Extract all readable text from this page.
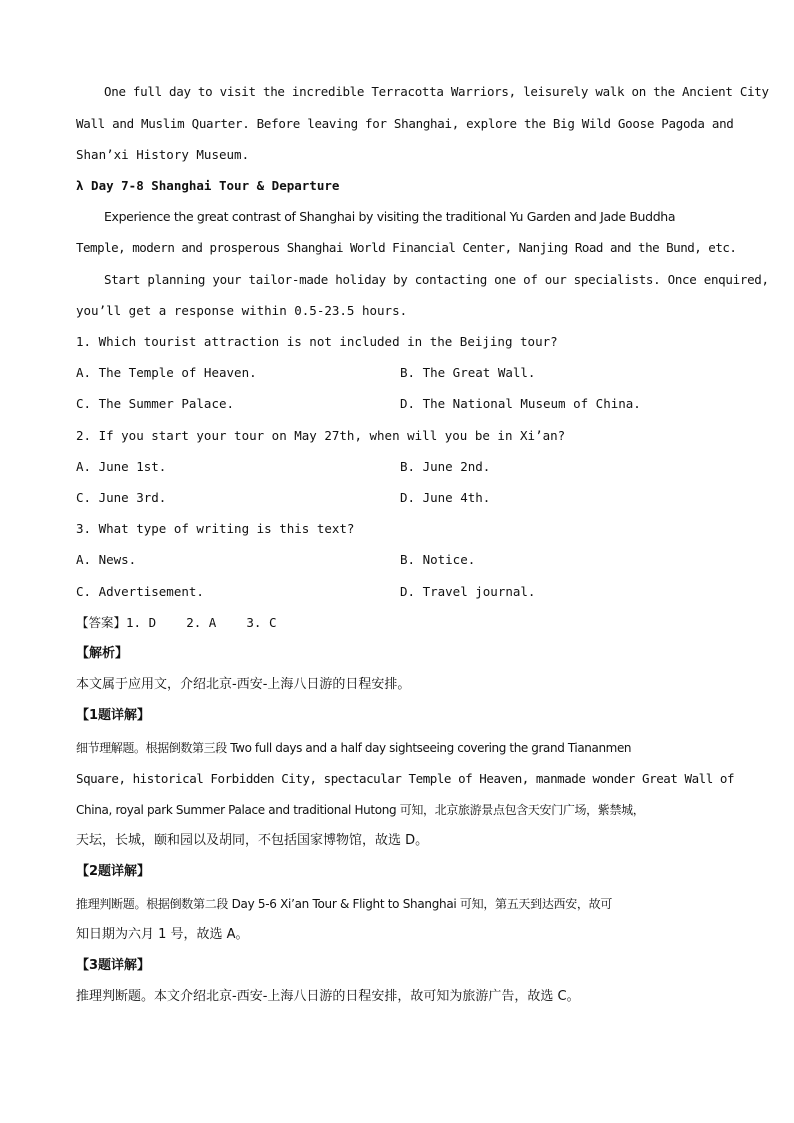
One full day to visit the incredible Terracotta Warriors, leisurely walk on the Ancient City
Wall and Muslim Quarter. Before leaving for Shanghai, explore the Big Wild Goose Pagoda and
Shan’xi History Museum.
λ Day 7-8 Shanghai Tour & Departure
Experience the great contrast of Shanghai by visiting the traditional Yu Garden and Jade Buddha
Temple, modern and prosperous Shanghai World Financial Center, Nanjing Road and the Bund, etc.
Start planning your tailor-made holiday by contacting one of our specialists. Once enquired,
you’ll get a response within 0.5-23.5 hours.
1. Which tourist attraction is not included in the Beijing tour?
A. The Temple of Heaven.	B. The Great Wall.
C. The Summer Palace.	D. The National Museum of China.
2. If you start your tour on May 27th, when will you be in Xi’an?
A. June 1st.	B. June 2nd.
C. June 3rd.	D. June 4th.
3. What type of writing is this text?
A. News.	B. Notice.
C. Advertisement.	D. Travel journal.
【答案】1. D    2. A    3. C
【解析】
本文属于应用文，介绍北京-西安-上海八日游的日程安排。
【1题详解】
细节理解题。根据倒数第三段 Two full days and a half day sightseeing covering the grand Tiananmen
Square, historical Forbidden City, spectacular Temple of Heaven, manmade wonder Great Wall of
China, royal park Summer Palace and traditional Hutong 可知，北京旅游景点包含天安门广场，紫禁城，
天坛，长城，颐和园以及胡同，不包括国家博物馆，故选 D。
【2题详解】
推理判断题。根据倒数第二段 Day 5-6 Xi’an Tour & Flight to Shanghai 可知，第五天到达西安，故可
知日期为六月 1 号，故选 A。
【3题详解】
推理判断题。本文介绍北京-西安-上海八日游的日程安排，故可知为旅游广告，故选 C。
